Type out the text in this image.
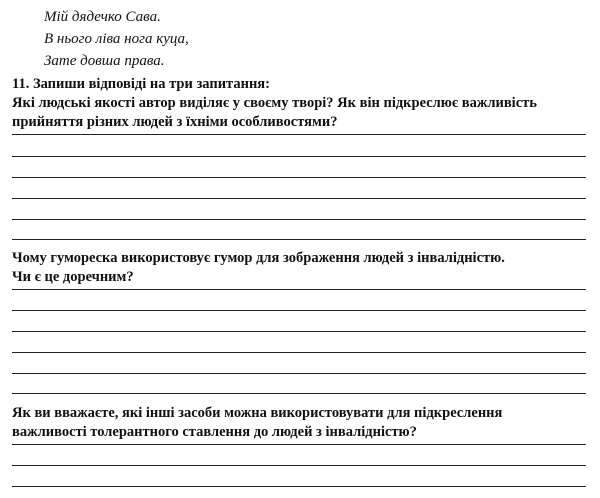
Мій дядечко Сава.
В нього ліва нога куца,
Зате довша права.
11. Запиши відповіді на три запитання:
Які людські якості автор виділяє у своєму творі? Як він підкреслює важливість
прийняття різних людей з їхніми особливостями?
Чому гумореска використовує гумор для зображення людей з інвалідністю.
Чи є це доречним?
Як ви вважаєте, які інші засоби можна використовувати для підкреслення
важливості толерантного ставлення до людей з інвалідністю?
